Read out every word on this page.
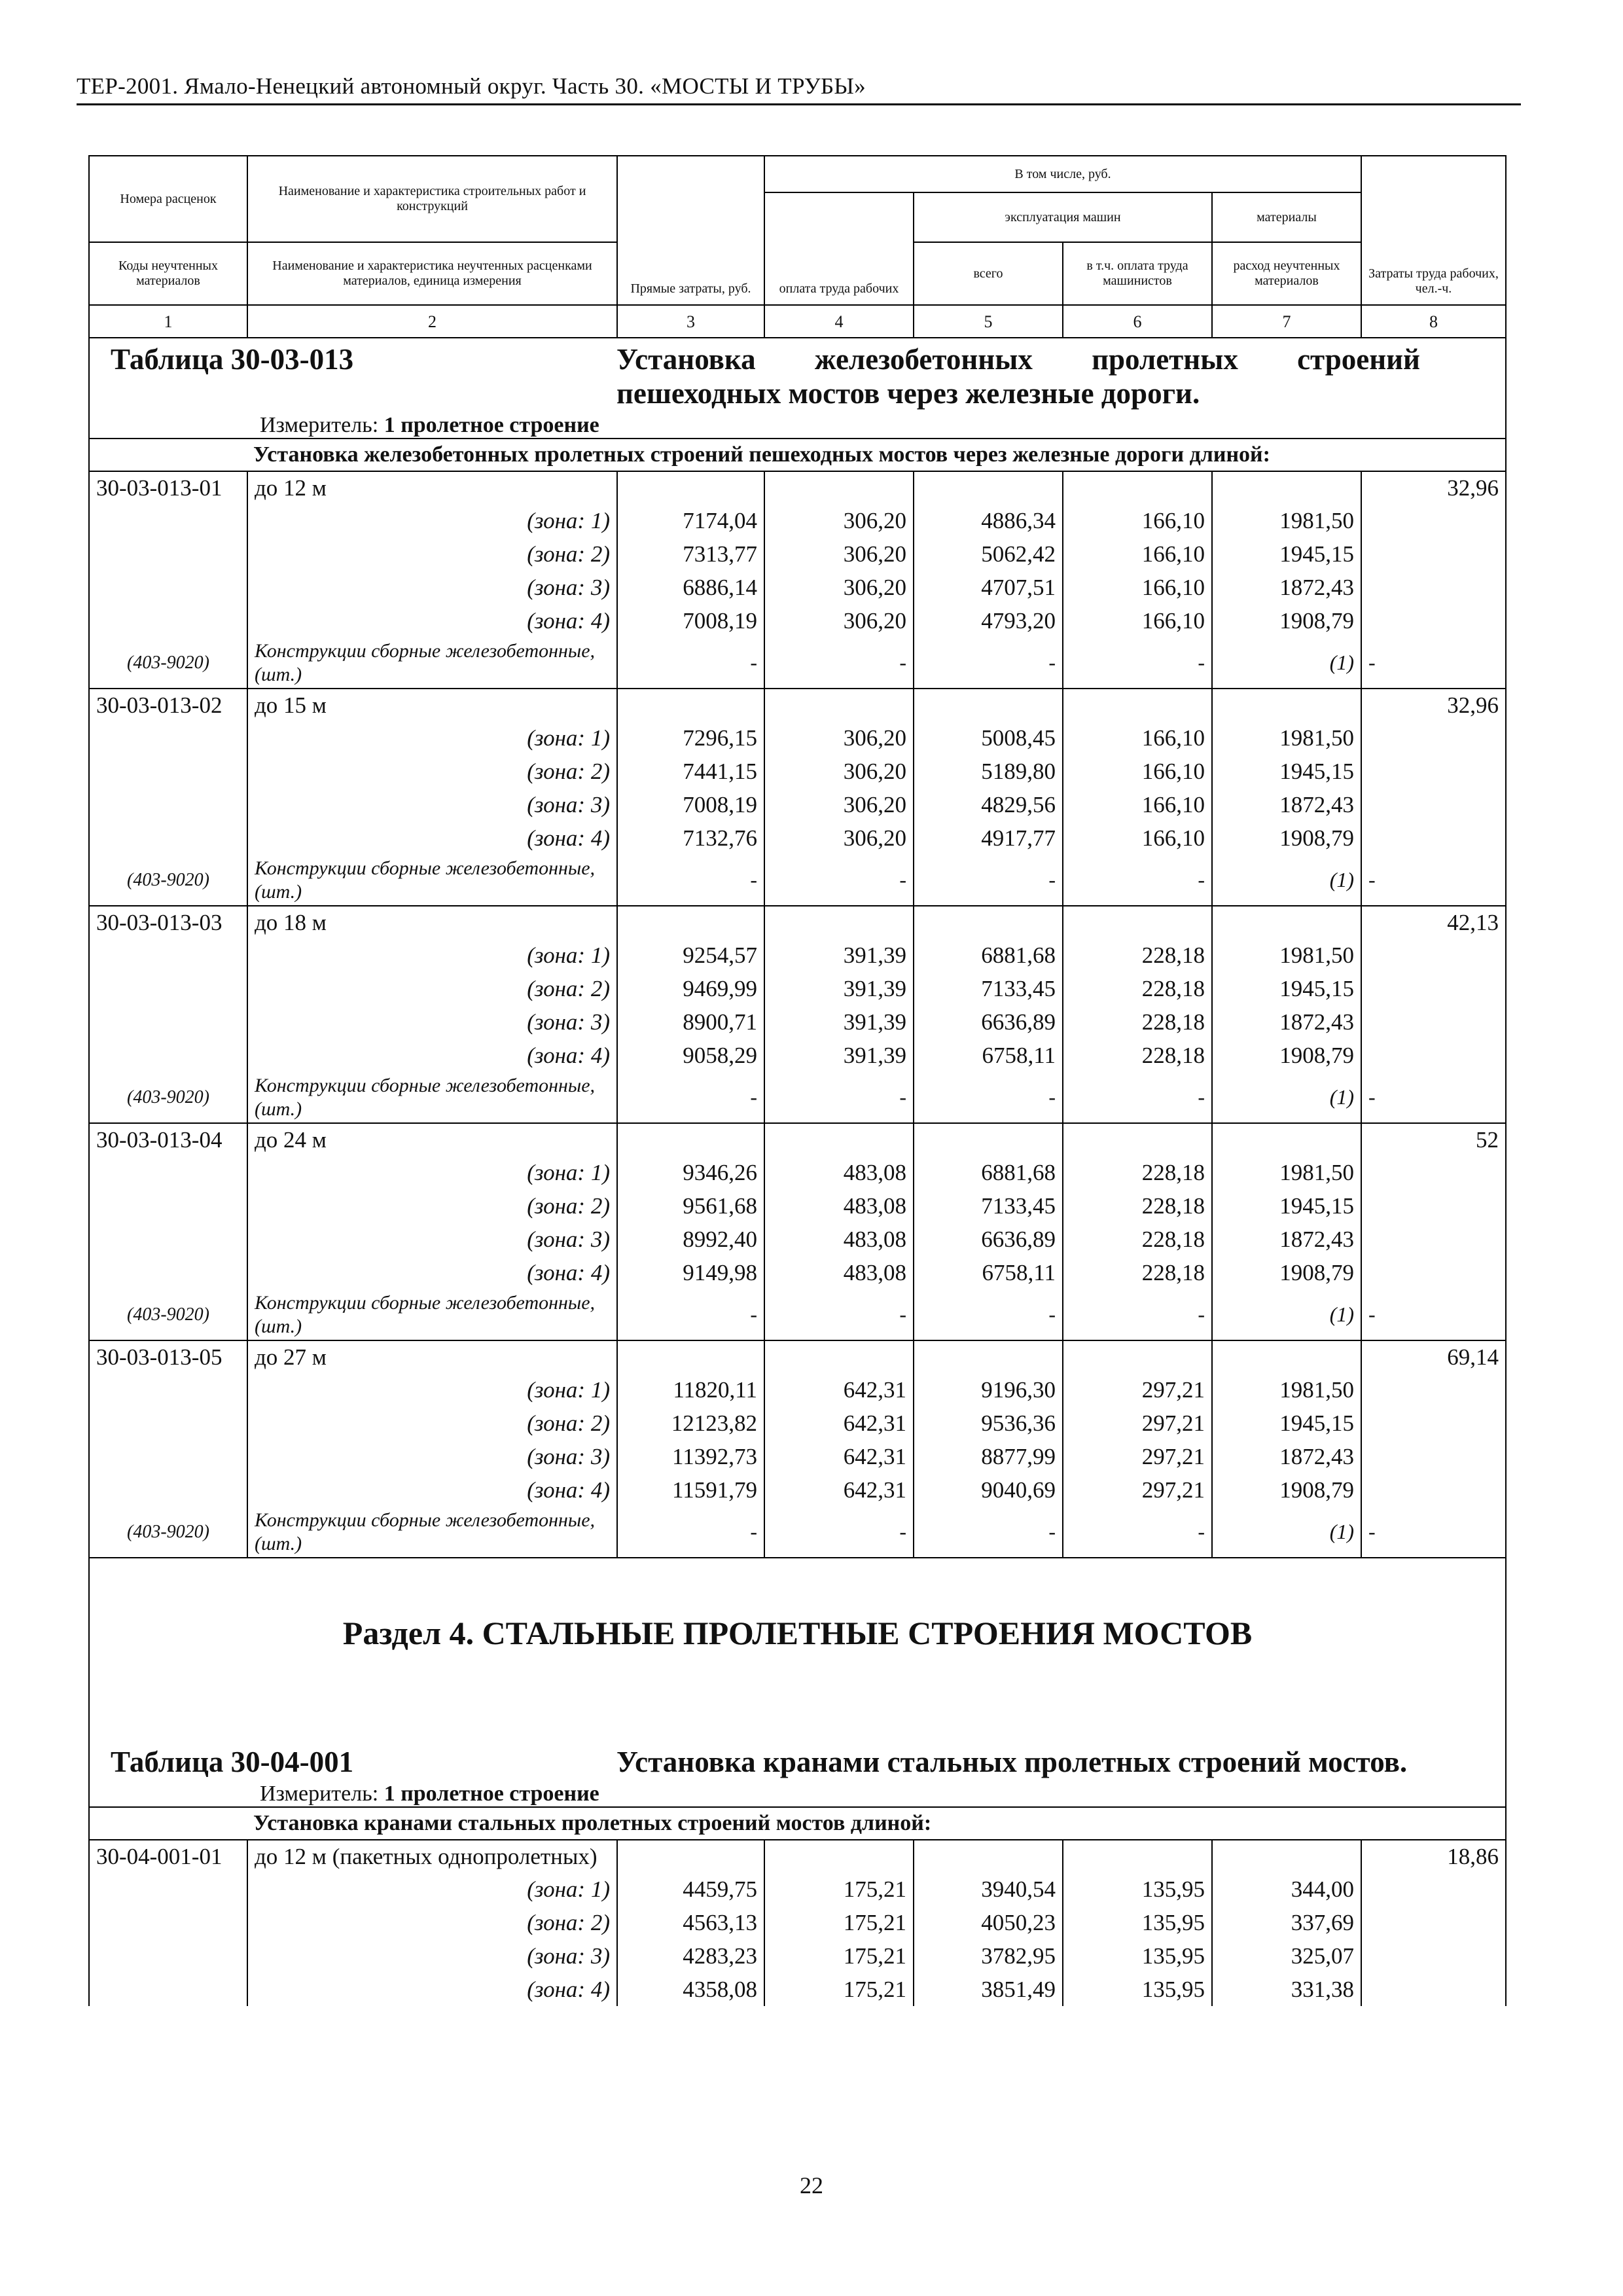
ТЕР-2001. Ямало-Ненецкий автономный округ. Часть 30. «МОСТЫ И ТРУБЫ»
Номера расценок	Наименование и характеристика строительных работ и конструкций	Прямые затраты, руб.	В том числе, руб.				Затраты труда рабочих, чел.-ч.
			оплата труда рабочих	эксплуатация машин		материалы	
Коды неучтенных материалов	Наименование и характеристика неучтенных расценками материалов, единица измерения			всего	в т.ч. оплата труда машинистов	расход неучтенных материалов	
1	2	3	4	5	6	7	8

Таблица 30-03-013 Установка железобетонных пролетных строений пешеходных мостов через железные дороги.
Измеритель: 1 пролетное строение							

Установка железобетонных пролетных строений пешеходных мостов через железные дороги длиной:							
30-03-013-01	до 12 м						32,96
	(зона: 1)	7174,04	306,20	4886,34	166,10	1981,50	
	(зона: 2)	7313,77	306,20	5062,42	166,10	1945,15	
	(зона: 3)	6886,14	306,20	4707,51	166,10	1872,43	
	(зона: 4)	7008,19	306,20	4793,20	166,10	1908,79	
(403-9020)	Конструкции сборные железобетонные, (шт.)	-	-	-	-	(1)	-
30-03-013-02	до 15 м						32,96
	(зона: 1)	7296,15	306,20	5008,45	166,10	1981,50	
	(зона: 2)	7441,15	306,20	5189,80	166,10	1945,15	
	(зона: 3)	7008,19	306,20	4829,56	166,10	1872,43	
	(зона: 4)	7132,76	306,20	4917,77	166,10	1908,79	
(403-9020)	Конструкции сборные железобетонные, (шт.)	-	-	-	-	(1)	-
30-03-013-03	до 18 м						42,13
	(зона: 1)	9254,57	391,39	6881,68	228,18	1981,50	
	(зона: 2)	9469,99	391,39	7133,45	228,18	1945,15	
	(зона: 3)	8900,71	391,39	6636,89	228,18	1872,43	
	(зона: 4)	9058,29	391,39	6758,11	228,18	1908,79	
(403-9020)	Конструкции сборные железобетонные, (шт.)	-	-	-	-	(1)	-
30-03-013-04	до 24 м						52
	(зона: 1)	9346,26	483,08	6881,68	228,18	1981,50	
	(зона: 2)	9561,68	483,08	7133,45	228,18	1945,15	
	(зона: 3)	8992,40	483,08	6636,89	228,18	1872,43	
	(зона: 4)	9149,98	483,08	6758,11	228,18	1908,79	
(403-9020)	Конструкции сборные железобетонные, (шт.)	-	-	-	-	(1)	-
30-03-013-05	до 27 м						69,14
	(зона: 1)	11820,11	642,31	9196,30	297,21	1981,50	
	(зона: 2)	12123,82	642,31	9536,36	297,21	1945,15	
	(зона: 3)	11392,73	642,31	8877,99	297,21	1872,43	
	(зона: 4)	11591,79	642,31	9040,69	297,21	1908,79	
(403-9020)	Конструкции сборные железобетонные, (шт.)	-	-	-	-	(1)	-

Раздел 4. СТАЛЬНЫЕ ПРОЛЕТНЫЕ СТРОЕНИЯ МОСТОВ							

Таблица 30-04-001 Установка кранами стальных пролетных строений мостов.
Измеритель: 1 пролетное строение							

Установка кранами стальных пролетных строений мостов длиной:							
30-04-001-01	до 12 м (пакетных однопролетных)						18,86
	(зона: 1)	4459,75	175,21	3940,54	135,95	344,00	
	(зона: 2)	4563,13	175,21	4050,23	135,95	337,69	
	(зона: 3)	4283,23	175,21	3782,95	135,95	325,07	
	(зона: 4)	4358,08	175,21	3851,49	135,95	331,38	
22
